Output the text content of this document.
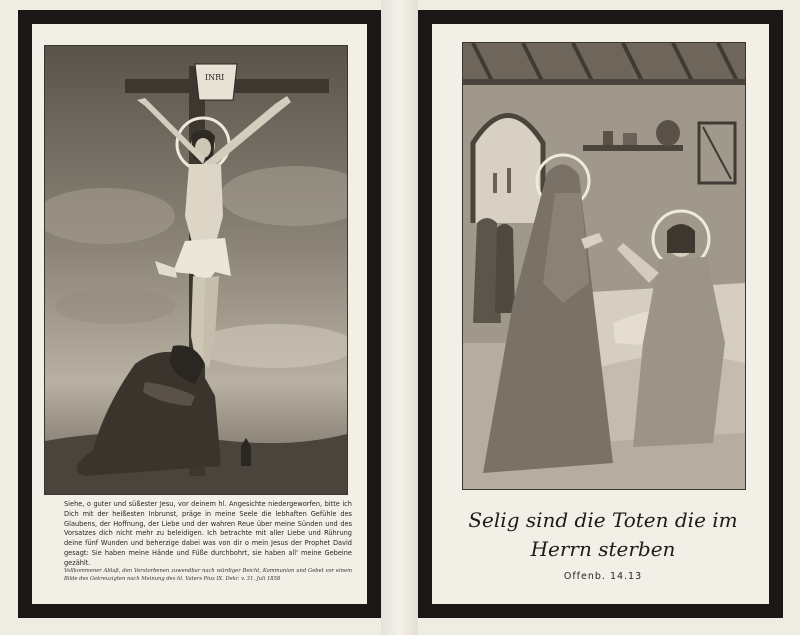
INRI
Siehe, o guter und süßester Jesu, vor deinem hl. Angesichte niedergeworfen, bitte ich Dich mit der heißesten Inbrunst, präge in meine Seele die lebhaften Gefühle des Glaubens, der Hoffnung, der Liebe und der wahren Reue über meine Sünden und des Vorsatzes dich nicht mehr zu beleidigen. Ich betrachte mit aller Liebe und Rührung deine fünf Wunden und beherzige dabei was von dir o mein Jesus der Prophet David gesagt: Sie haben meine Hände und Füße durchbohrt, sie haben all' meine Gebeine gezählt.
Vollkommener Ablaß, den Verstorbenen zuwendbar nach würdiger Beicht, Kommunion und Gebet vor einem Bilde des Gekreuzigten nach Meinung des hl. Vaters Pius IX. Dekr. v. 31. Juli 1858
Selig sind die Toten die im
Herrn sterben
Offenb. 14.13
